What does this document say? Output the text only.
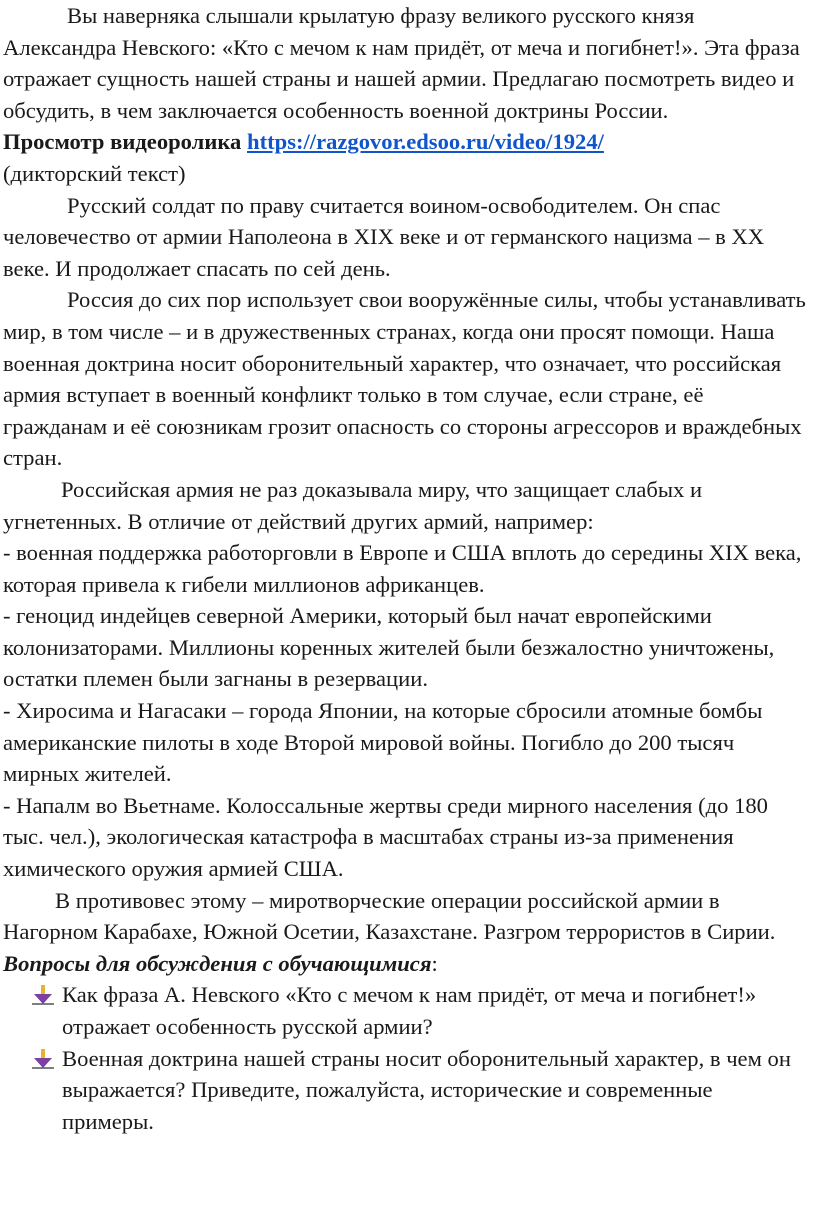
Вы наверняка слышали крылатую фразу великого русского князя Александра Невского: «Кто с мечом к нам придёт, от меча и погибнет!». Эта фраза отражает сущность нашей страны и нашей армии. Предлагаю посмотреть видео и обсудить, в чем заключается особенность военной доктрины России.

Просмотр видеоролика https://razgovor.edsoo.ru/video/1924/

(дикторский текст)

Русский солдат по праву считается воином-освободителем. Он спас человечество от армии Наполеона в XIX веке и от германского нацизма – в XX веке. И продолжает спасать по сей день.

Россия до сих пор использует свои вооружённые силы, чтобы устанавливать мир, в том числе – и в дружественных странах, когда они просят помощи. Наша военная доктрина носит оборонительный характер, что означает, что российская армия вступает в военный конфликт только в том случае, если стране, её гражданам и её союзникам грозит опасность со стороны агрессоров и враждебных стран.

Российская армия не раз доказывала миру, что защищает слабых и угнетенных. В отличие от действий других армий, например:

- военная поддержка работорговли в Европе и США вплоть до середины XIX века, которая привела к гибели миллионов африканцев.

- геноцид индейцев северной Америки, который был начат европейскими колонизаторами. Миллионы коренных жителей были безжалостно уничтожены, остатки племен были загнаны в резервации.

- Хиросима и Нагасаки – города Японии, на которые сбросили атомные бомбы американские пилоты в ходе Второй мировой войны. Погибло до 200 тысяч мирных жителей.

- Напалм во Вьетнаме. Колоссальные жертвы среди мирного населения (до 180 тыс. чел.), экологическая катастрофа в масштабах страны из-за применения химического оружия армией США.

В противовес этому – миротворческие операции российской армии в Нагорном Карабахе, Южной Осетии, Казахстане. Разгром террористов в Сирии.

Вопросы для обсуждения с обучающимися:

Как фраза А. Невского «Кто с мечом к нам придёт, от меча и погибнет!» отражает особенность русской армии?
Военная доктрина нашей страны носит оборонительный характер, в чем он выражается? Приведите, пожалуйста, исторические и современные примеры.
